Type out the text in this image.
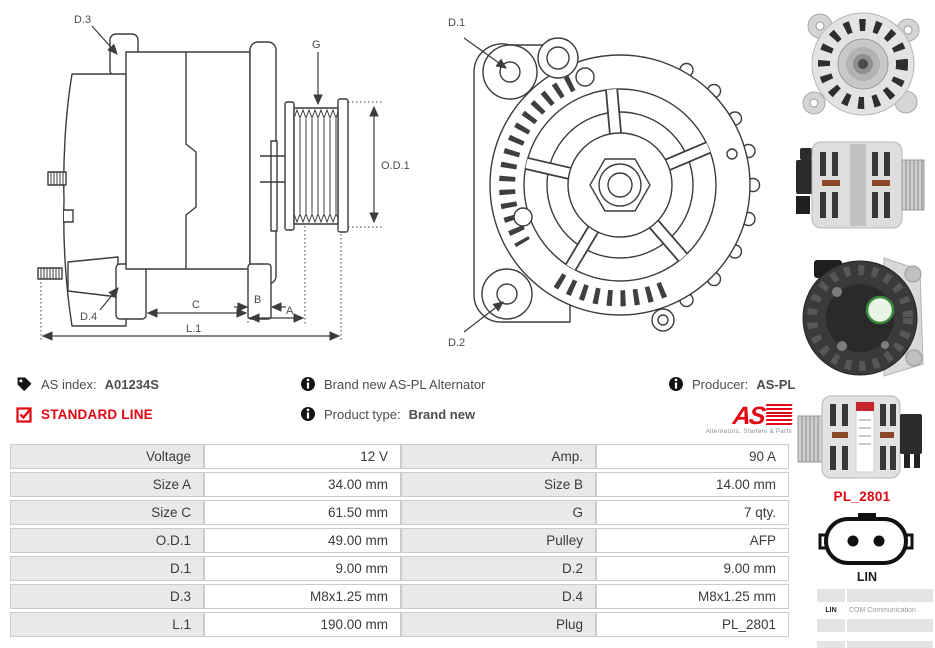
D.3
G
O.D.1
D.4
C	B
A
L.1
D.1
D.2
PL_2801
LIN
LIN	COM Communication
AS index: A01234S
STANDARD LINE
Brand new AS-PL Alternator
Product type: Brand new
Producer: AS-PL
AS
Alternators, Starters & Parts
Voltage	12 V	Amp.	90 A
Size A	34.00 mm	Size B	14.00 mm
Size C	61.50 mm	G	7 qty.
O.D.1	49.00 mm	Pulley	AFP
D.1	9.00 mm	D.2	9.00 mm
D.3	M8x1.25 mm	D.4	M8x1.25 mm
L.1	190.00 mm	Plug	PL_2801
